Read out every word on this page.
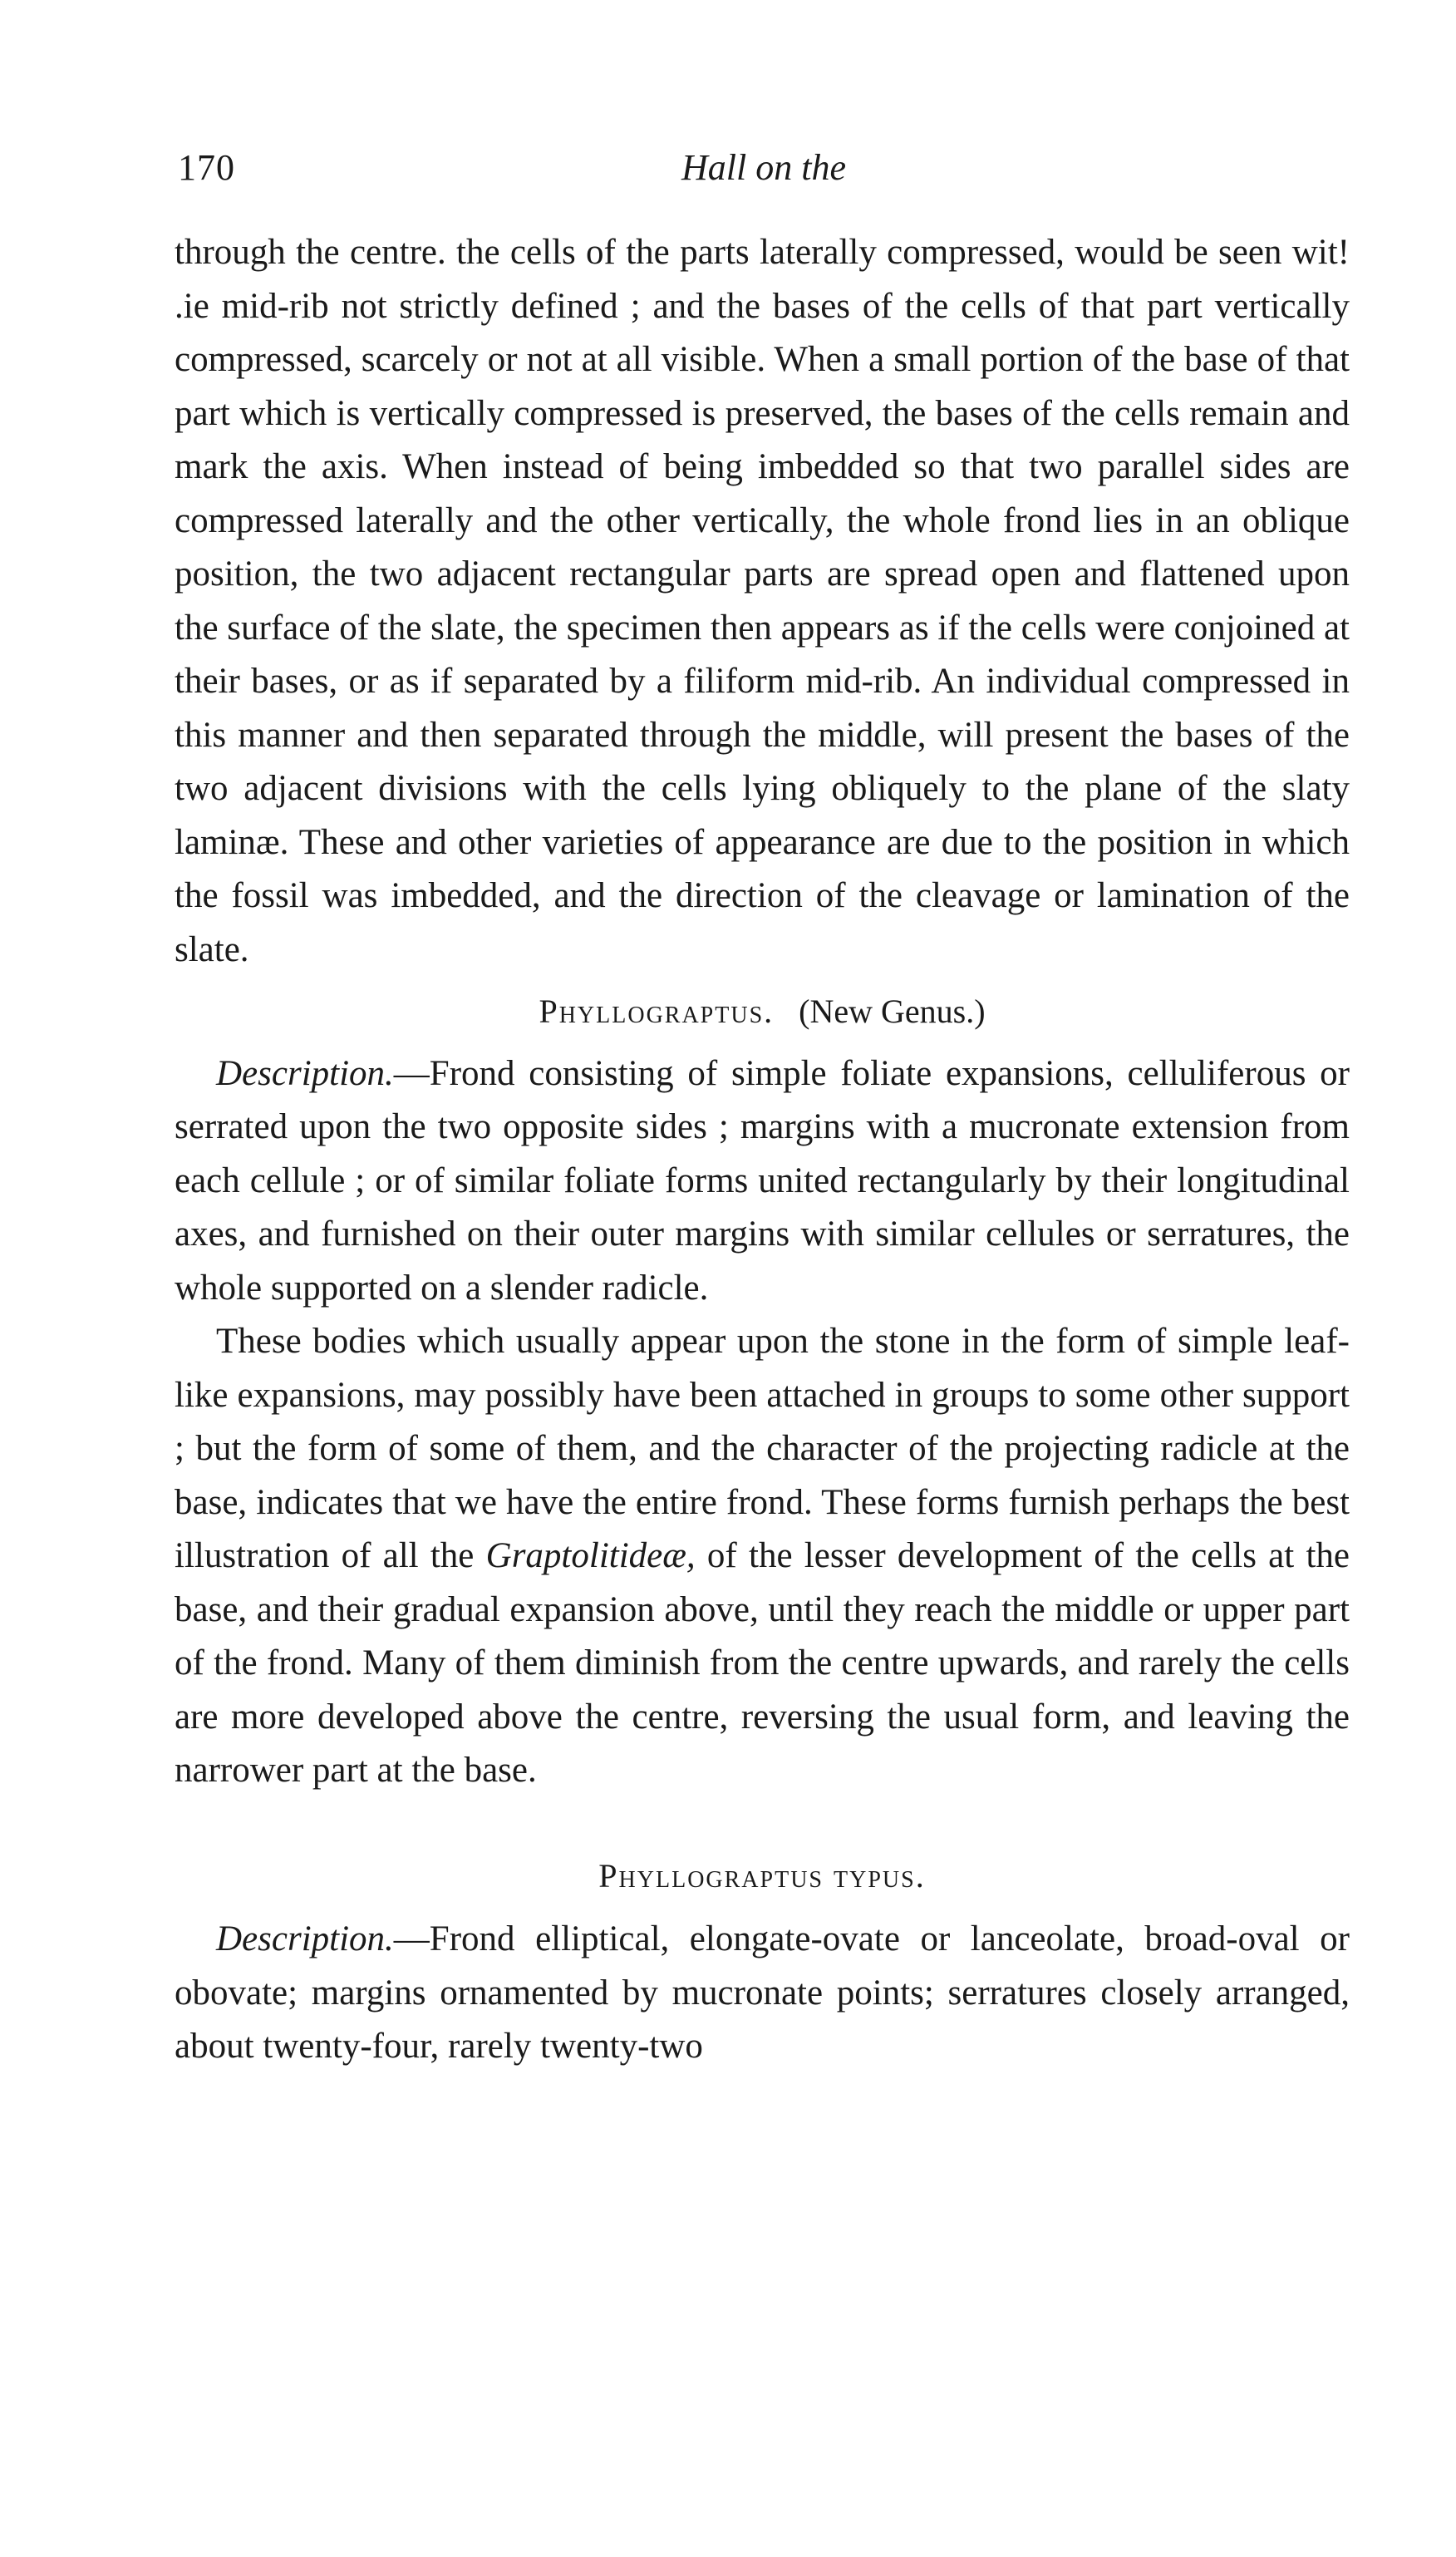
170	Hall on the

through the centre. the cells of the parts laterally compressed, would be seen wit! .ie mid-rib not strictly defined ; and the bases of the cells of that part vertically compressed, scarcely or not at all visible. When a small portion of the base of that part which is vertically compressed is preserved, the bases of the cells remain and mark the axis. When instead of being imbedded so that two parallel sides are compressed laterally and the other vertically, the whole frond lies in an oblique position, the two adjacent rectangular parts are spread open and flattened upon the surface of the slate, the specimen then appears as if the cells were conjoined at their bases, or as if separated by a filiform mid-rib. An individual compressed in this manner and then separated through the middle, will present the bases of the two adjacent divisions with the cells lying obliquely to the plane of the slaty laminæ. These and other varieties of appearance are due to the position in which the fossil was imbedded, and the direction of the cleavage or lamination of the slate.

Phyllograptus. (New Genus.)

Description.—Frond consisting of simple foliate expansions, celluliferous or serrated upon the two opposite sides ; margins with a mucronate extension from each cellule ; or of similar foliate forms united rectangularly by their longitudinal axes, and furnished on their outer margins with similar cellules or serratures, the whole supported on a slender radicle.

These bodies which usually appear upon the stone in the form of simple leaf-like expansions, may possibly have been attached in groups to some other support ; but the form of some of them, and the character of the projecting radicle at the base, indicates that we have the entire frond. These forms furnish perhaps the best illustration of all the Graptolitideæ, of the lesser development of the cells at the base, and their gradual expansion above, until they reach the middle or upper part of the frond. Many of them diminish from the centre upwards, and rarely the cells are more developed above the centre, reversing the usual form, and leaving the narrower part at the base.

Phyllograptus typus.

Description.—Frond elliptical, elongate-ovate or lanceolate, broad-oval or obovate; margins ornamented by mucronate points; serratures closely arranged, about twenty-four, rarely twenty-two
